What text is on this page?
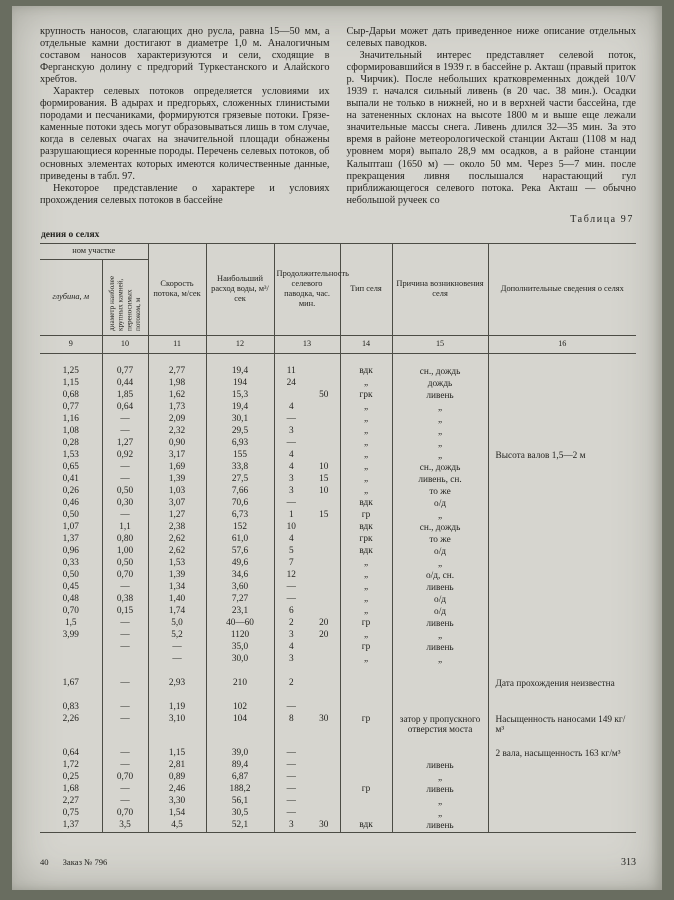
крупность наносов, слагающих дно русла, равна 15—50 мм, а отдельные камни достигают в диаметре 1,0 м. Аналогичным составом наносов характеризуются и сели, сходящие в Ферганскую долину с предгорий Туркестанского и Алайского хребтов.

Характер селевых потоков определяется условиями их формирования. В адырах и предгорьях, сложенных глинистыми породами и песчаниками, формируются грязевые потоки. Грязе-каменные потоки здесь могут образовываться лишь в том случае, когда в селевых очагах на значительной площади обнажены разрушающиеся коренные породы. Перечень селевых потоков, об основных элементах которых имеются количественные данные, приведены в табл. 97.

Некоторое представление о характере и условиях прохождения селевых потоков в бассейне

Сыр-Дарьи может дать приведенное ниже описание отдельных селевых паводков.

Значительный интерес представляет селевой поток, сформировавшийся в 1939 г. в бассейне р. Акташ (правый приток р. Чирчик). После небольших кратковременных дождей 10/V 1939 г. начался сильный ливень (в 20 час. 38 мин.). Осадки выпали не только в нижней, но и в верхней части бассейна, где на затененных склонах на высоте 1800 м и выше еще лежали значительные массы снега. Ливень длился 32—35 мин. За это время в районе метеорологической станции Акташ (1108 м над уровнем моря) выпало 28,9 мм осадков, а в районе станции Калыпташ (1650 м) — около 50 мм. Через 5—7 мин. после прекращения ливня послышался нарастающий гул приближающегося селевого потока. Река Акташ — обычно небольшой ручеек со

Таблица 97
дения о селях
ном участке		Скорость потока, м/сек	Наибольший расход воды, м³/сек	Продолжительность селевого паводка, час. мин.		Тип селя	Причина возникновения селя	Дополнительные сведения о селях
глубина, м	диаметр наиболее крупных камней, переносимых потоком, м							
9	10	11	12	13		14	15	16

1,25	0,77	2,77	19,4	11		вдк	сн., дождь	
1,15	0,44	1,98	194	24		„	дождь	
0,68	1,85	1,62	15,3		50	грк	ливень	
0,77	0,64	1,73	19,4	4		„	„	
1,16	—	2,09	30,1	—		„	„	
1,08	—	2,32	29,5	3		„	„	
0,28	1,27	0,90	6,93	—		„	„	
1,53	0,92	3,17	155	4		„	„	Высота валов 1,5—2 м
0,65	—	1,69	33,8	4	10	„	сн., дождь	
0,41	—	1,39	27,5	3	15	„	ливень, сн.	
0,26	0,50	1,03	7,66	3	10	„	то же	
0,46	0,30	3,07	70,6	—		вдк	о/д	
0,50	—	1,27	6,73	1	15	гр	„	
1,07	1,1	2,38	152	10		вдк	сн., дождь	
1,37	0,80	2,62	61,0	4		грк	то же	
0,96	1,00	2,62	57,6	5		вдк	о/д	
0,33	0,50	1,53	49,6	7		„	„	
0,50	0,70	1,39	34,6	12		„	о/д, сн.	
0,45	—	1,34	3,60	—		„	ливень	
0,48	0,38	1,40	7,27	—		„	о/д	
0,70	0,15	1,74	23,1	6		„	о/д	
1,5	—	5,0	40—60	2	20	гр	ливень	
3,99	—	5,2	1120	3	20	„	„	
	—	—	35,0	4		гр	ливень	
		—	30,0	3		„	„	

1,67	—	2,93	210	2				Дата прохождения неизвестна

0,83	—	1,19	102	—				
2,26	—	3,10	104	8	30	гр	затор у пропускного отверстия моста	Насыщенность наносами 149 кг/м³

0,64	—	1,15	39,0	—				2 вала, насыщенность 163 кг/м³
1,72	—	2,81	89,4	—			ливень	
0,25	0,70	0,89	6,87	—			„	
1,68	—	2,46	188,2	—		гр	ливень	
2,27	—	3,30	56,1	—			„	
0,75	0,70	1,54	30,5	—			„	
1,37	3,5	4,5	52,1	3	30	вдк	ливень	
40 Заказ № 796	313
